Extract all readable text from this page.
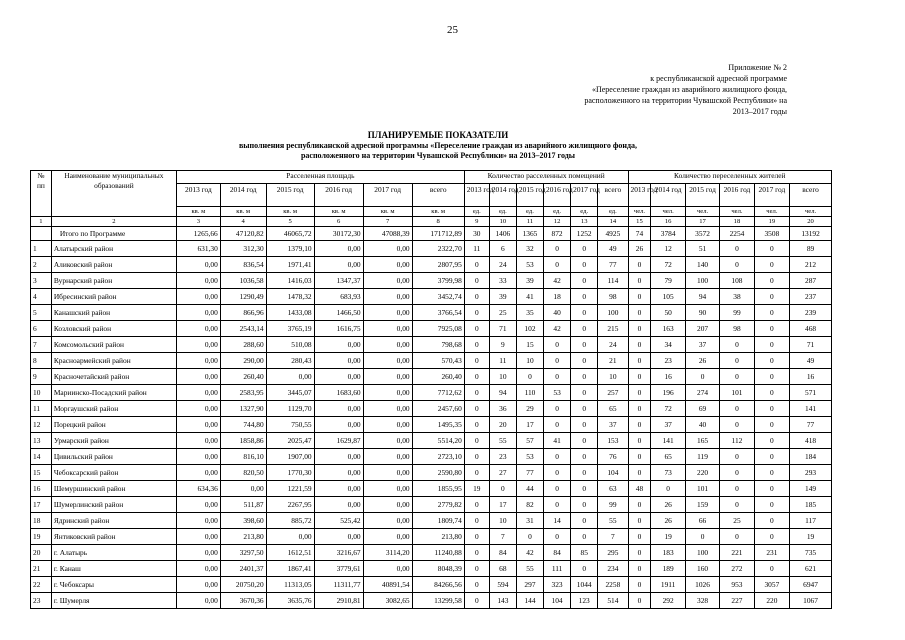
25
Приложение № 2
к республиканской адресной программе
«Переселение граждан из аварийного жилищного фонда,
расположенного на территории Чувашской Республики» на
2013–2017 годы
ПЛАНИРУЕМЫЕ ПОКАЗАТЕЛИ
выполнения республиканской адресной программы «Переселение граждан из аварийного жилищного фонда,
расположенного на территории Чувашской Республики» на 2013–2017 годы
№ пп	Наименование муниципальных образований	Расселенная площадь						Количество расселенных помещений						Количество переселенных жителей					
		2013 год	2014 год	2015 год	2016 год	2017 год	всего	2013 год	2014 год	2015 год	2016 год	2017 год	всего	2013 год	2014 год	2015 год	2016 год	2017 год	всего
		кв. м	кв. м	кв. м	кв. м	кв. м	кв. м	ед.	ед.	ед.	ед.	ед.	ед.	чел.	чел.	чел.	чел.	чел.	чел.
1	2	3	4	5	6	7	8	9	10	11	12	13	14	15	16	17	18	19	20
	Итого по Программе	1265,66	47120,82	46065,72	30172,30	47088,39	171712,89	30	1406	1365	872	1252	4925	74	3784	3572	2254	3508	13192
1	Алатырский район	631,30	312,30	1379,10	0,00	0,00	2322,70	11	6	32	0	0	49	26	12	51	0	0	89
2	Аликовский район	0,00	836,54	1971,41	0,00	0,00	2807,95	0	24	53	0	0	77	0	72	140	0	0	212
3	Вурнарский район	0,00	1036,58	1416,03	1347,37	0,00	3799,98	0	33	39	42	0	114	0	79	100	108	0	287
4	Ибресинский район	0,00	1290,49	1478,32	683,93	0,00	3452,74	0	39	41	18	0	98	0	105	94	38	0	237
5	Канашский район	0,00	866,96	1433,08	1466,50	0,00	3766,54	0	25	35	40	0	100	0	50	90	99	0	239
6	Козловский район	0,00	2543,14	3765,19	1616,75	0,00	7925,08	0	71	102	42	0	215	0	163	207	98	0	468
7	Комсомольский район	0,00	288,60	510,08	0,00	0,00	798,68	0	9	15	0	0	24	0	34	37	0	0	71
8	Красноармейский район	0,00	290,00	280,43	0,00	0,00	570,43	0	11	10	0	0	21	0	23	26	0	0	49
9	Красночетайский район	0,00	260,40	0,00	0,00	0,00	260,40	0	10	0	0	0	10	0	16	0	0	0	16
10	Мариинско-Посадский район	0,00	2583,95	3445,07	1683,60	0,00	7712,62	0	94	110	53	0	257	0	196	274	101	0	571
11	Моргаушский район	0,00	1327,90	1129,70	0,00	0,00	2457,60	0	36	29	0	0	65	0	72	69	0	0	141
12	Порецкий район	0,00	744,80	750,55	0,00	0,00	1495,35	0	20	17	0	0	37	0	37	40	0	0	77
13	Урмарский район	0,00	1858,86	2025,47	1629,87	0,00	5514,20	0	55	57	41	0	153	0	141	165	112	0	418
14	Цивильский район	0,00	816,10	1907,00	0,00	0,00	2723,10	0	23	53	0	0	76	0	65	119	0	0	184
15	Чебоксарский район	0,00	820,50	1770,30	0,00	0,00	2590,80	0	27	77	0	0	104	0	73	220	0	0	293
16	Шемуршинский район	634,36	0,00	1221,59	0,00	0,00	1855,95	19	0	44	0	0	63	48	0	101	0	0	149
17	Шумерлинский район	0,00	511,87	2267,95	0,00	0,00	2779,82	0	17	82	0	0	99	0	26	159	0	0	185
18	Ядринский район	0,00	398,60	885,72	525,42	0,00	1809,74	0	10	31	14	0	55	0	26	66	25	0	117
19	Янтиковский район	0,00	213,80	0,00	0,00	0,00	213,80	0	7	0	0	0	7	0	19	0	0	0	19
20	г. Алатырь	0,00	3297,50	1612,51	3216,67	3114,20	11240,88	0	84	42	84	85	295	0	183	100	221	231	735
21	г. Канаш	0,00	2401,37	1867,41	3779,61	0,00	8048,39	0	68	55	111	0	234	0	189	160	272	0	621
22	г. Чебоксары	0,00	20750,20	11313,05	11311,77	40891,54	84266,56	0	594	297	323	1044	2258	0	1911	1026	953	3057	6947
23	г. Шумерля	0,00	3670,36	3635,76	2910,81	3082,65	13299,58	0	143	144	104	123	514	0	292	328	227	220	1067
